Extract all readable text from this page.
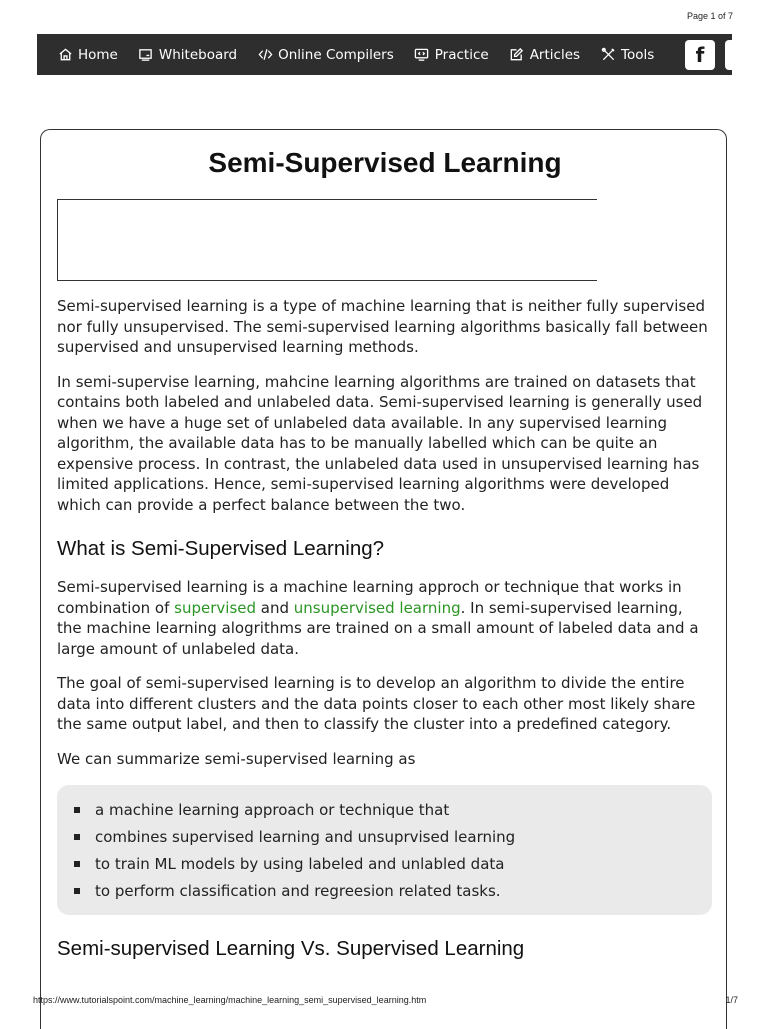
Page 1 of 7
Home	Whiteboard	Online Compilers	Practice	Articles	Tools f
Semi-Supervised Learning

Semi-supervised learning is a type of machine learning that is neither fully supervised nor fully unsupervised. The semi-supervised learning algorithms basically fall between supervised and unsupervised learning methods.

In semi-supervise learning, mahcine learning algorithms are trained on datasets that contains both labeled and unlabeled data. Semi-supervised learning is generally used when we have a huge set of unlabeled data available. In any supervised learning algorithm, the available data has to be manually labelled which can be quite an expensive process. In contrast, the unlabeled data used in unsupervised learning has limited applications. Hence, semi-supervised learning algorithms were developed which can provide a perfect balance between the two.

What is Semi-Supervised Learning?

Semi-supervised learning is a machine learning approch or technique that works in combination of supervised and unsupervised learning. In semi-supervised learning, the machine learning alogrithms are trained on a small amount of labeled data and a large amount of unlabeled data.

The goal of semi-supervised learning is to develop an algorithm to divide the entire data into different clusters and the data points closer to each other most likely share the same output label, and then to classify the cluster into a predefined category.

We can summarize semi-supervised learning as

a machine learning approach or technique that
combines supervised learning and unsuprvised learning
to train ML models by using labeled and unlabled data
to perform classification and regreesion related tasks.
Semi-supervised Learning Vs. Supervised Learning
https://www.tutorialspoint.com/machine_learning/machine_learning_semi_supervised_learning.htm	1/7
